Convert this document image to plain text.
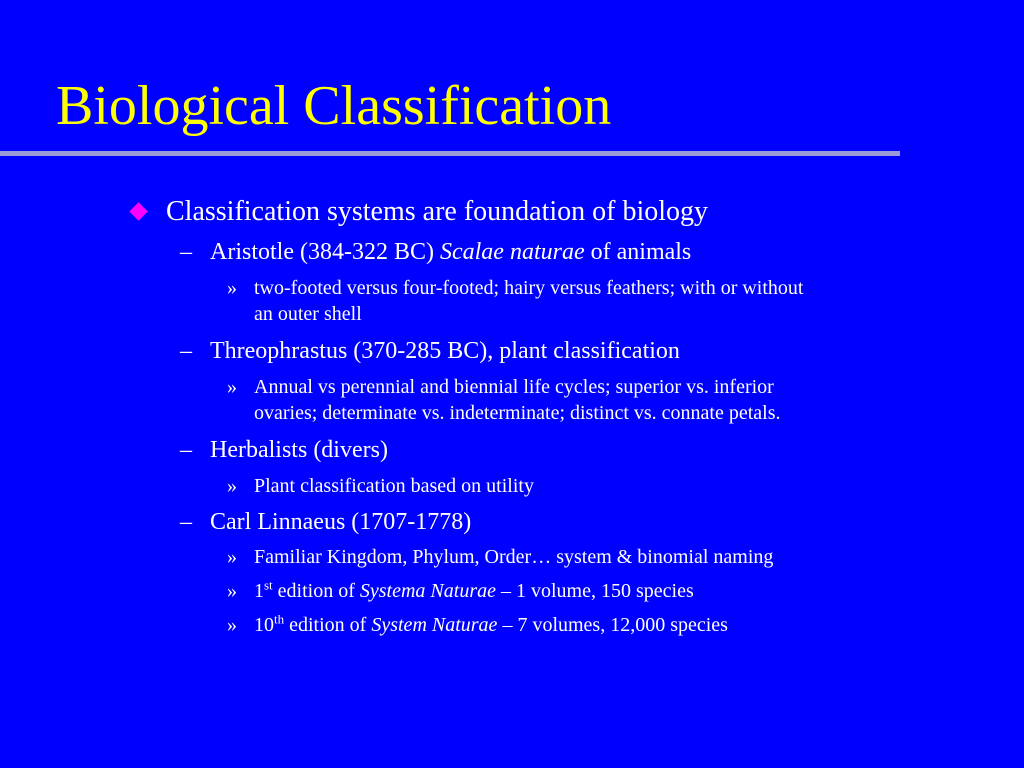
Biological Classification
Classification systems are foundation of biology
– Aristotle (384-322 BC) Scalae naturae of animals
» two-footed versus four-footed; hairy versus feathers; with or without
an outer shell
– Threophrastus (370-285 BC), plant classification
» Annual vs perennial and biennial life cycles; superior vs. inferior
ovaries; determinate vs. indeterminate; distinct vs. connate petals.
– Herbalists (divers)
» Plant classification based on utility
– Carl Linnaeus (1707-1778)
» Familiar Kingdom, Phylum, Order… system & binomial naming
» 1st edition of Systema Naturae – 1 volume, 150 species
» 10th edition of System Naturae – 7 volumes, 12,000 species
